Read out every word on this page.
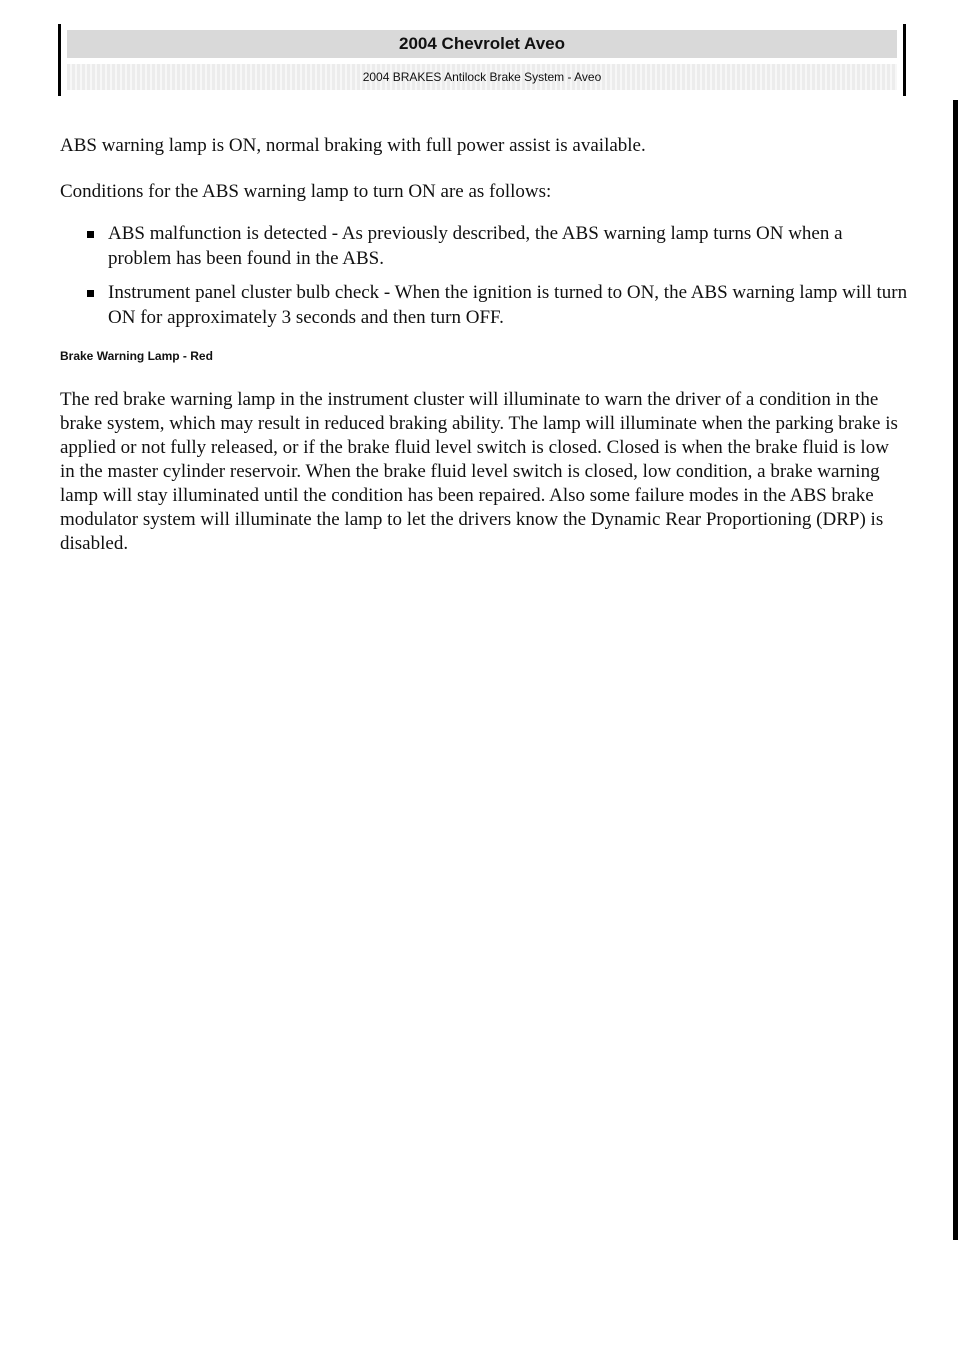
2004 Chevrolet Aveo
2004 BRAKES Antilock Brake System - Aveo

ABS warning lamp is ON, normal braking with full power assist is available.

Conditions for the ABS warning lamp to turn ON are as follows:

ABS malfunction is detected - As previously described, the ABS warning lamp turns ON when a problem has been found in the ABS.
Instrument panel cluster bulb check - When the ignition is turned to ON, the ABS warning lamp will turn ON for approximately 3 seconds and then turn OFF.
Brake Warning Lamp - Red

The red brake warning lamp in the instrument cluster will illuminate to warn the driver of a condition in the brake system, which may result in reduced braking ability. The lamp will illuminate when the parking brake is applied or not fully released, or if the brake fluid level switch is closed. Closed is when the brake fluid is low in the master cylinder reservoir. When the brake fluid level switch is closed, low condition, a brake warning lamp will stay illuminated until the condition has been repaired. Also some failure modes in the ABS brake modulator system will illuminate the lamp to let the drivers know the Dynamic Rear Proportioning (DRP) is disabled.
